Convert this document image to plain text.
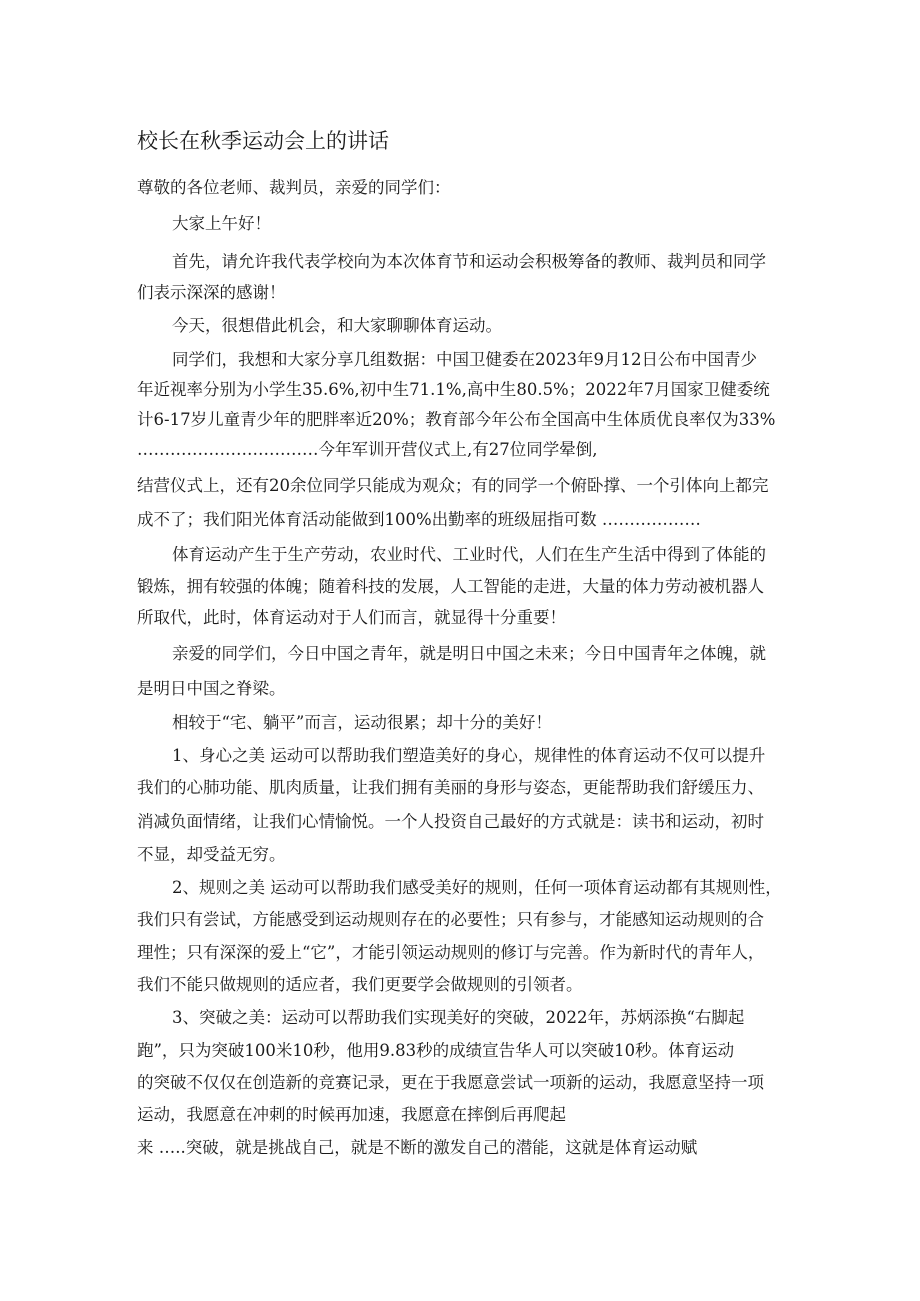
校长在秋季运动会上的讲话
尊敬的各位老师、裁判员，亲爱的同学们：
大家上午好！
首先，请允许我代表学校向为本次体育节和运动会积极筹备的教师、裁判员和同学
们表示深深的感谢！
今天，很想借此机会，和大家聊聊体育运动。
同学们，我想和大家分享几组数据：中国卫健委在2023年9月12日公布中国青少
年近视率分别为小学生35.6%,初中生71.1%,高中生80.5%；2022年7月国家卫健委统
计6-17岁儿童青少年的肥胖率近20%；教育部今年公布全国高中生体质优良率仅为33%
……………………………今年军训开营仪式上,有27位同学晕倒,
结营仪式上，还有20余位同学只能成为观众；有的同学一个俯卧撑、一个引体向上都完
成不了；我们阳光体育活动能做到100%出勤率的班级屈指可数 ………………
体育运动产生于生产劳动，农业时代、工业时代，人们在生产生活中得到了体能的
锻炼，拥有较强的体魄；随着科技的发展，人工智能的走进，大量的体力劳动被机器人
所取代，此时，体育运动对于人们而言，就显得十分重要！
亲爱的同学们，今日中国之青年，就是明日中国之未来；今日中国青年之体魄，就
是明日中国之脊梁。
相较于“宅、躺平”而言，运动很累；却十分的美好！
1、身心之美 运动可以帮助我们塑造美好的身心，规律性的体育运动不仅可以提升
我们的心肺功能、肌肉质量，让我们拥有美丽的身形与姿态，更能帮助我们舒缓压力、
消减负面情绪，让我们心情愉悦。一个人投资自己最好的方式就是：读书和运动，初时
不显，却受益无穷。
2、规则之美 运动可以帮助我们感受美好的规则，任何一项体育运动都有其规则性，
我们只有尝试，方能感受到运动规则存在的必要性；只有参与，才能感知运动规则的合
理性；只有深深的爱上“它”，才能引领运动规则的修订与完善。作为新时代的青年人，
我们不能只做规则的适应者，我们更要学会做规则的引领者。
3、突破之美：运动可以帮助我们实现美好的突破，2022年，苏炳添换“右脚起
跑”，只为突破100米10秒，他用9.83秒的成绩宣告华人可以突破10秒。体育运动
的突破不仅仅在创造新的竞赛记录，更在于我愿意尝试一项新的运动，我愿意坚持一项
运动，我愿意在冲刺的时候再加速，我愿意在摔倒后再爬起
来 …..突破，就是挑战自己，就是不断的激发自己的潜能，这就是体育运动赋
